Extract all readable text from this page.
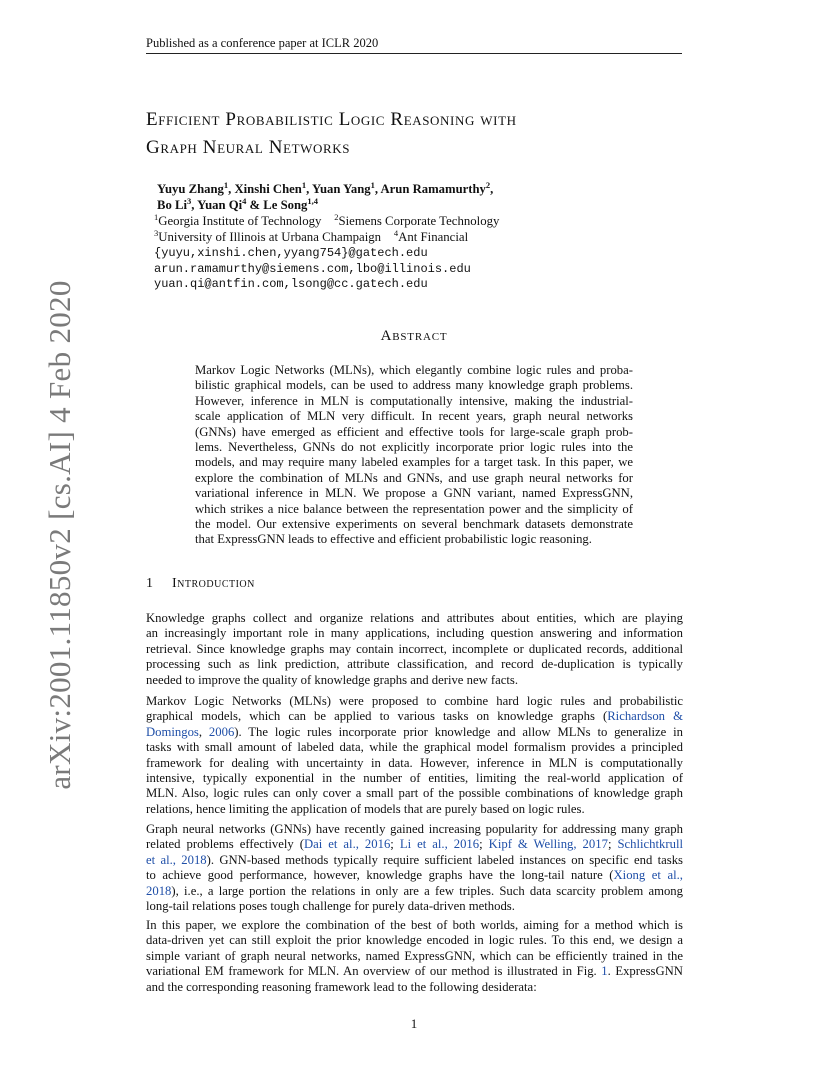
Published as a conference paper at ICLR 2020
Efficient Probabilistic Logic Reasoning with
Graph Neural Networks
Yuyu Zhang$^1$, Xinshi Chen$^1$, Yuan Yang$^1$, Arun Ramamurthy$^2$,
Bo Li$^3$, Yuan Qi$^4$ & Le Song$^{1,4}$
$^1$Georgia Institute of Technology  $^2$Siemens Corporate Technology
$^3$University of Illinois at Urbana Champaign  $^4$Ant Financial
{yuyu,xinshi.chen,yyang754}@gatech.edu
arun.ramamurthy@siemens.com,lbo@illinois.edu
yuan.qi@antfin.com,lsong@cc.gatech.edu
Abstract
Markov Logic Networks (MLNs), which elegantly combine logic rules and proba-
bilistic graphical models, can be used to address many knowledge graph problems.
However, inference in MLN is computationally intensive, making the industrial-
scale application of MLN very difficult. In recent years, graph neural networks
(GNNs) have emerged as efficient and effective tools for large-scale graph prob-
lems. Nevertheless, GNNs do not explicitly incorporate prior logic rules into the
models, and may require many labeled examples for a target task. In this paper, we
explore the combination of MLNs and GNNs, and use graph neural networks for
variational inference in MLN. We propose a GNN variant, named ExpressGNN,
which strikes a nice balance between the representation power and the simplicity of
the model. Our extensive experiments on several benchmark datasets demonstrate
that ExpressGNN leads to effective and efficient probabilistic logic reasoning.
1 Introduction
Knowledge graphs collect and organize relations and attributes about entities, which are playing
an increasingly important role in many applications, including question answering and information
retrieval. Since knowledge graphs may contain incorrect, incomplete or duplicated records, additional
processing such as link prediction, attribute classification, and record de-duplication is typically
needed to improve the quality of knowledge graphs and derive new facts.
Markov Logic Networks (MLNs) were proposed to combine hard logic rules and probabilistic
graphical models, which can be applied to various tasks on knowledge graphs (Richardson &
Domingos, 2006). The logic rules incorporate prior knowledge and allow MLNs to generalize in
tasks with small amount of labeled data, while the graphical model formalism provides a principled
framework for dealing with uncertainty in data. However, inference in MLN is computationally
intensive, typically exponential in the number of entities, limiting the real-world application of
MLN. Also, logic rules can only cover a small part of the possible combinations of knowledge graph
relations, hence limiting the application of models that are purely based on logic rules.
Graph neural networks (GNNs) have recently gained increasing popularity for addressing many graph
related problems effectively (Dai et al., 2016; Li et al., 2016; Kipf & Welling, 2017; Schlichtkrull
et al., 2018). GNN-based methods typically require sufficient labeled instances on specific end tasks
to achieve good performance, however, knowledge graphs have the long-tail nature (Xiong et al.,
2018), i.e., a large portion the relations in only are a few triples. Such data scarcity problem among
long-tail relations poses tough challenge for purely data-driven methods.
In this paper, we explore the combination of the best of both worlds, aiming for a method which is
data-driven yet can still exploit the prior knowledge encoded in logic rules. To this end, we design a
simple variant of graph neural networks, named ExpressGNN, which can be efficiently trained in the
variational EM framework for MLN. An overview of our method is illustrated in Fig. 1. ExpressGNN
and the corresponding reasoning framework lead to the following desiderata:
1
arXiv:2001.11850v2 [cs.AI] 4 Feb 2020
